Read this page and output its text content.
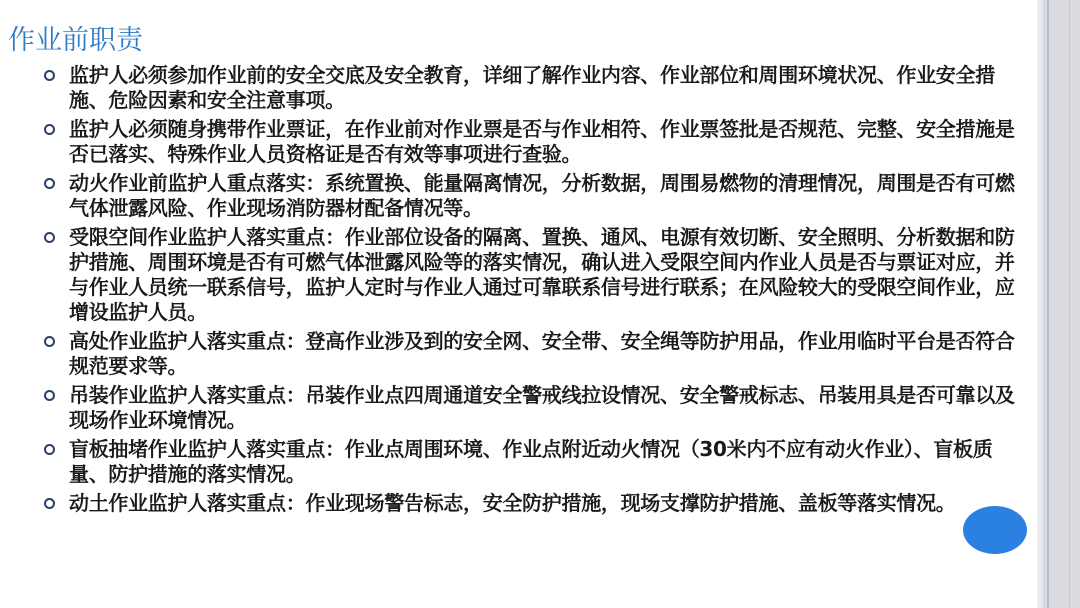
作业前职责
监护人必须参加作业前的安全交底及安全教育，详细了解作业内容、作业部位和周围环境状况、作业安全措施、危险因素和安全注意事项。
监护人必须随身携带作业票证，在作业前对作业票是否与作业相符、作业票签批是否规范、完整、安全措施是否已落实、特殊作业人员资格证是否有效等事项进行查验。
动火作业前监护人重点落实：系统置换、能量隔离情况，分析数据，周围易燃物的清理情况，周围是否有可燃气体泄露风险、作业现场消防器材配备情况等。
受限空间作业监护人落实重点：作业部位设备的隔离、置换、通风、电源有效切断、安全照明、分析数据和防护措施、周围环境是否有可燃气体泄露风险等的落实情况，确认进入受限空间内作业人员是否与票证对应，并与作业人员统一联系信号，监护人定时与作业人通过可靠联系信号进行联系；在风险较大的受限空间作业，应增设监护人员。
高处作业监护人落实重点：登高作业涉及到的安全网、安全带、安全绳等防护用品，作业用临时平台是否符合规范要求等。
吊装作业监护人落实重点：吊装作业点四周通道安全警戒线拉设情况、安全警戒标志、吊装用具是否可靠以及现场作业环境情况。
盲板抽堵作业监护人落实重点：作业点周围环境、作业点附近动火情况（30米内不应有动火作业）、盲板质量、防护措施的落实情况。
动土作业监护人落实重点：作业现场警告标志，安全防护措施，现场支撑防护措施、盖板等落实情况。
